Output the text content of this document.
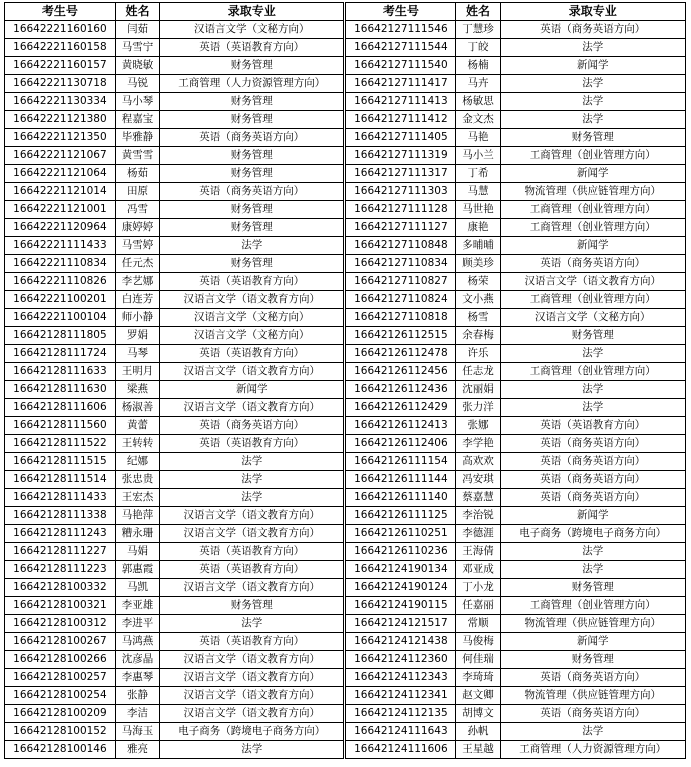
考生号	姓名	录取专业	考生号	姓名	录取专业
16642221160160	闫茹	汉语言文学（文秘方向）	16642127111546	丁慧珍	英语（商务英语方向）
16642221160158	马雪宁	英语（英语教育方向）	16642127111544	丁皎	法学
16642221160157	黄晓敏	财务管理	16642127111540	杨楠	新闻学
16642221130718	马锐	工商管理（人力资源管理方向）	16642127111417	马卉	法学
16642221130334	马小琴	财务管理	16642127111413	杨敏思	法学
16642221121380	程嘉宝	财务管理	16642127111412	金文杰	法学
16642221121350	毕雅静	英语（商务英语方向）	16642127111405	马艳	财务管理
16642221121067	黄雪雪	财务管理	16642127111319	马小兰	工商管理（创业管理方向）
16642221121064	杨茹	财务管理	16642127111317	丁希	新闻学
16642221121014	田原	英语（商务英语方向）	16642127111303	马慧	物流管理（供应链管理方向）
16642221121001	冯雪	财务管理	16642127111128	马世艳	工商管理（创业管理方向）
16642221120964	康婷婷	财务管理	16642127111127	康艳	工商管理（创业管理方向）
16642221111433	马雪婷	法学	16642127110848	多晡晡	新闻学
16642221110834	任元杰	财务管理	16642127110834	顾美珍	英语（商务英语方向）
16642221110826	李艺娜	英语（英语教育方向）	16642127110827	杨荣	汉语言文学（语文教育方向）
16642221100201	白连芳	汉语言文学（语文教育方向）	16642127110824	文小燕	工商管理（创业管理方向）
16642221100104	师小静	汉语言文学（文秘方向）	16642127110818	杨雪	汉语言文学（文秘方向）
16642128111805	罗娟	汉语言文学（文秘方向）	16642126112515	余春梅	财务管理
16642128111724	马琴	英语（英语教育方向）	16642126112478	许乐	法学
16642128111633	王明月	汉语言文学（语文教育方向）	16642126112456	任志龙	工商管理（创业管理方向）
16642128111630	梁燕	新闻学	16642126112436	沈丽娟	法学
16642128111606	杨淑善	汉语言文学（语文教育方向）	16642126112429	张力洋	法学
16642128111560	黄蕾	英语（商务英语方向）	16642126112413	张娜	英语（英语教育方向）
16642128111522	王转转	英语（英语教育方向）	16642126112406	李学艳	英语（商务英语方向）
16642128111515	纪娜	法学	16642126111154	高欢欢	英语（商务英语方向）
16642128111514	张忠贵	法学	16642126111144	冯安琪	英语（商务英语方向）
16642128111433	王宏杰	法学	16642126111140	蔡嘉慧	英语（商务英语方向）
16642128111338	马艳萍	汉语言文学（语文教育方向）	16642126111125	李治锐	新闻学
16642128111243	糟永珊	汉语言文学（语文教育方向）	16642126110251	李德涯	电子商务（跨境电子商务方向）
16642128111227	马娟	英语（英语教育方向）	16642126110236	王海倩	法学
16642128111223	郭惠霞	英语（英语教育方向）	16642124190134	邓亚成	法学
16642128100332	马凯	汉语言文学（语文教育方向）	16642124190124	丁小龙	财务管理
16642128100321	李亚雄	财务管理	16642124190115	任嘉丽	工商管理（创业管理方向）
16642128100312	李进平	法学	16642124121517	常顺	物流管理（供应链管理方向）
16642128100267	马鸿燕	英语（英语教育方向）	16642124121438	马俊梅	新闻学
16642128100266	沈彦晶	汉语言文学（语文教育方向）	16642124112360	何佳瑞	财务管理
16642128100257	李惠琴	汉语言文学（语文教育方向）	16642124112343	李琦琦	英语（商务英语方向）
16642128100254	张静	汉语言文学（语文教育方向）	16642124112341	赵文卿	物流管理（供应链管理方向）
16642128100209	李洁	汉语言文学（语文教育方向）	16642124112135	胡博文	英语（商务英语方向）
16642128100152	马海玉	电子商务（跨境电子商务方向）	16642124111643	孙帆	法学
16642128100146	雅亮	法学	16642124111606	王星越	工商管理（人力资源管理方向）
